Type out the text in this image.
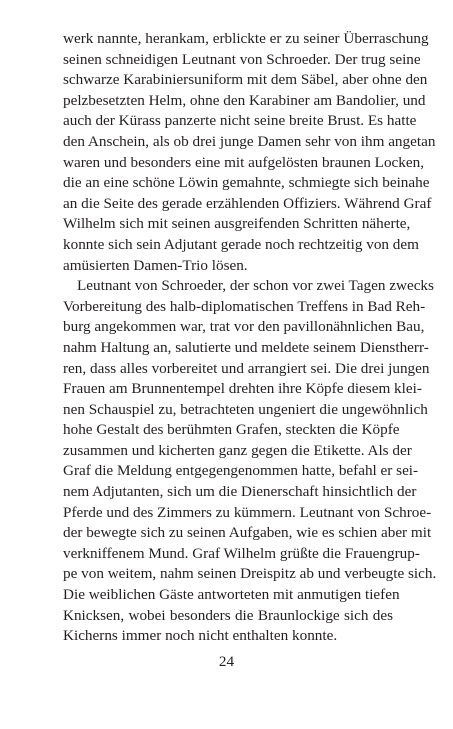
werk nannte, herankam, erblickte er zu seiner Überraschung
seinen schneidigen Leutnant von Schroeder. Der trug seine
schwarze Karabiniersuniform mit dem Säbel, aber ohne den
pelzbesetzten Helm, ohne den Karabiner am Bandolier, und
auch der Kürass panzerte nicht seine breite Brust. Es hatte
den Anschein, als ob drei junge Damen sehr von ihm angetan
waren und besonders eine mit aufgelösten braunen Locken,
die an eine schöne Löwin gemahnte, schmiegte sich beinahe
an die Seite des gerade erzählenden Offiziers. Während Graf
Wilhelm sich mit seinen ausgreifenden Schritten näherte,
konnte sich sein Adjutant gerade noch rechtzeitig von dem
amüsierten Damen-Trio lösen.
Leutnant von Schroeder, der schon vor zwei Tagen zwecks
Vorbereitung des halb-diplomatischen Treffens in Bad Reh-
burg angekommen war, trat vor den pavillonähnlichen Bau,
nahm Haltung an, salutierte und meldete seinem Dienstherr-
ren, dass alles vorbereitet und arrangiert sei. Die drei jungen
Frauen am Brunnentempel drehten ihre Köpfe diesem klei-
nen Schauspiel zu, betrachteten ungeniert die ungewöhnlich
hohe Gestalt des berühmten Grafen, steckten die Köpfe
zusammen und kicherten ganz gegen die Etikette. Als der
Graf die Meldung entgegengenommen hatte, befahl er sei-
nem Adjutanten, sich um die Dienerschaft hinsichtlich der
Pferde und des Zimmers zu kümmern. Leutnant von Schroe-
der bewegte sich zu seinen Aufgaben, wie es schien aber mit
verkniffenem Mund. Graf Wilhelm grüßte die Frauengrup-
pe von weitem, nahm seinen Dreispitz ab und verbeugte sich.
Die weiblichen Gäste antworteten mit anmutigen tiefen
Knicksen, wobei besonders die Braunlockige sich des
Kicherns immer noch nicht enthalten konnte.
24
